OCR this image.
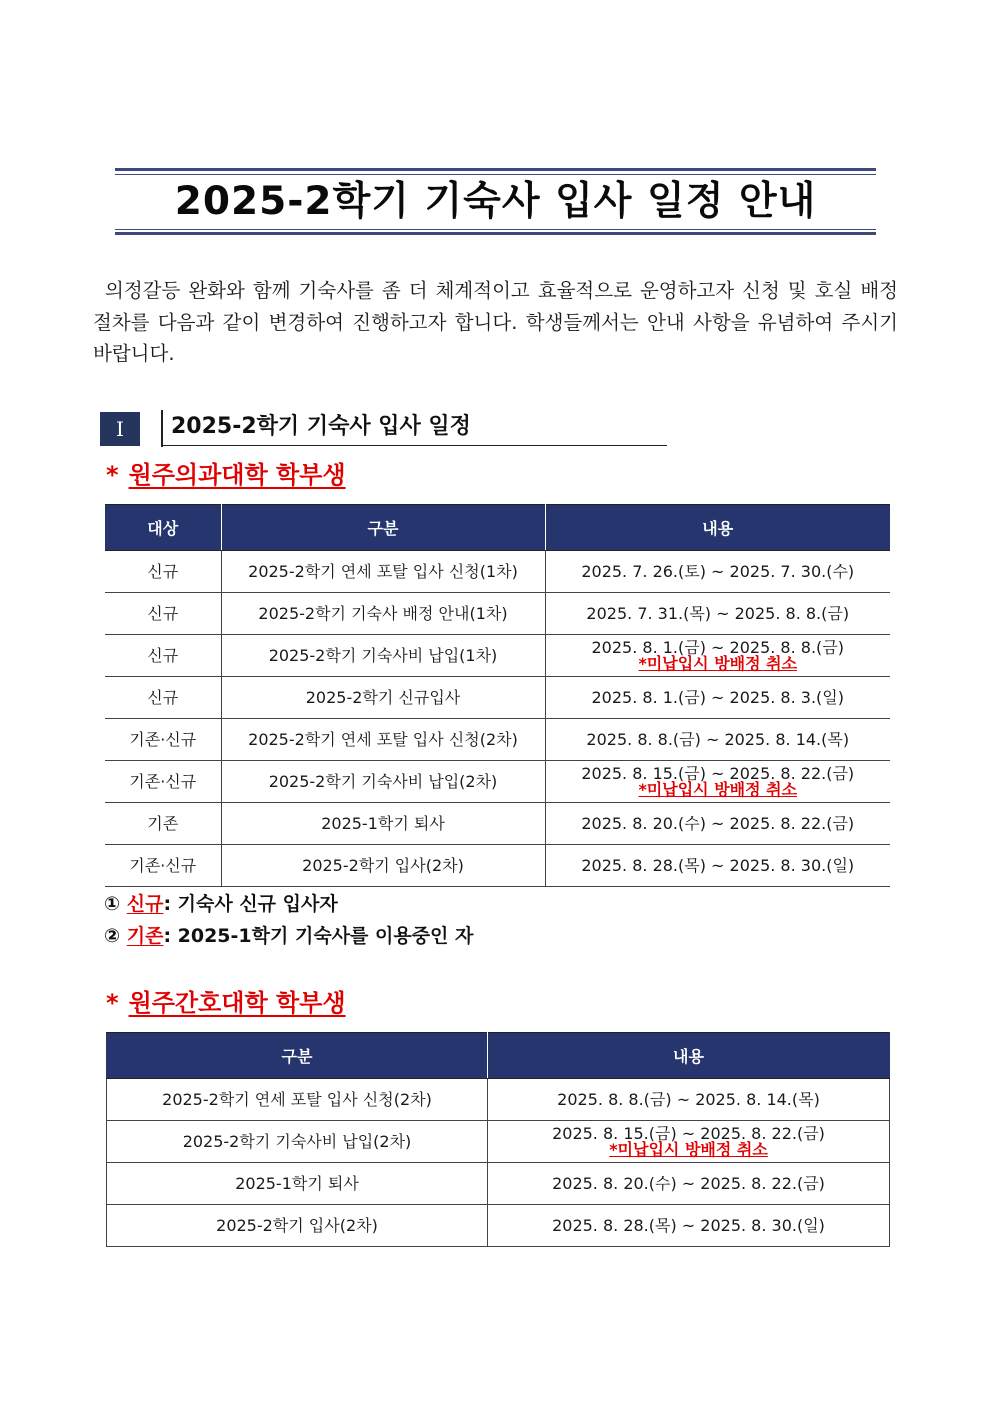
2025-2학기 기숙사 입사 일정 안내
의정갈등 완화와 함께 기숙사를 좀 더 체계적이고 효율적으로 운영하고자 신청 및 호실 배정 절차를 다음과 같이 변경하여 진행하고자 합니다. 학생들께서는 안내 사항을 유념하여 주시기 바랍니다.
Ⅰ	2025-2학기 기숙사 입사 일정
* 원주의과대학 학부생
대상	구분	내용
신규	2025-2학기 연세 포탈 입사 신청(1차)	2025. 7. 26.(토) ~ 2025. 7. 30.(수)

신규	2025-2학기 기숙사 배정 안내(1차)	2025. 7. 31.(목) ~ 2025. 8. 8.(금)

신규	2025-2학기 기숙사비 납입(1차)	2025. 8. 1.(금) ~ 2025. 8. 8.(금)
*미납입시 방배정 취소

신규	2025-2학기 신규입사	2025. 8. 1.(금) ~ 2025. 8. 3.(일)

기존·신규	2025-2학기 연세 포탈 입사 신청(2차)	2025. 8. 8.(금) ~ 2025. 8. 14.(목)

기존·신규	2025-2학기 기숙사비 납입(2차)	2025. 8. 15.(금) ~ 2025. 8. 22.(금)
*미납입시 방배정 취소

기존	2025-1학기 퇴사	2025. 8. 20.(수) ~ 2025. 8. 22.(금)

기존·신규	2025-2학기 입사(2차)	2025. 8. 28.(목) ~ 2025. 8. 30.(일)
① 신규: 기숙사 신규 입사자
② 기존: 2025-1학기 기숙사를 이용중인 자
* 원주간호대학 학부생
구분	내용
2025-2학기 연세 포탈 입사 신청(2차)	2025. 8. 8.(금) ~ 2025. 8. 14.(목)

2025-2학기 기숙사비 납입(2차)	2025. 8. 15.(금) ~ 2025. 8. 22.(금)
*미납입시 방배정 취소

2025-1학기 퇴사	2025. 8. 20.(수) ~ 2025. 8. 22.(금)

2025-2학기 입사(2차)	2025. 8. 28.(목) ~ 2025. 8. 30.(일)
